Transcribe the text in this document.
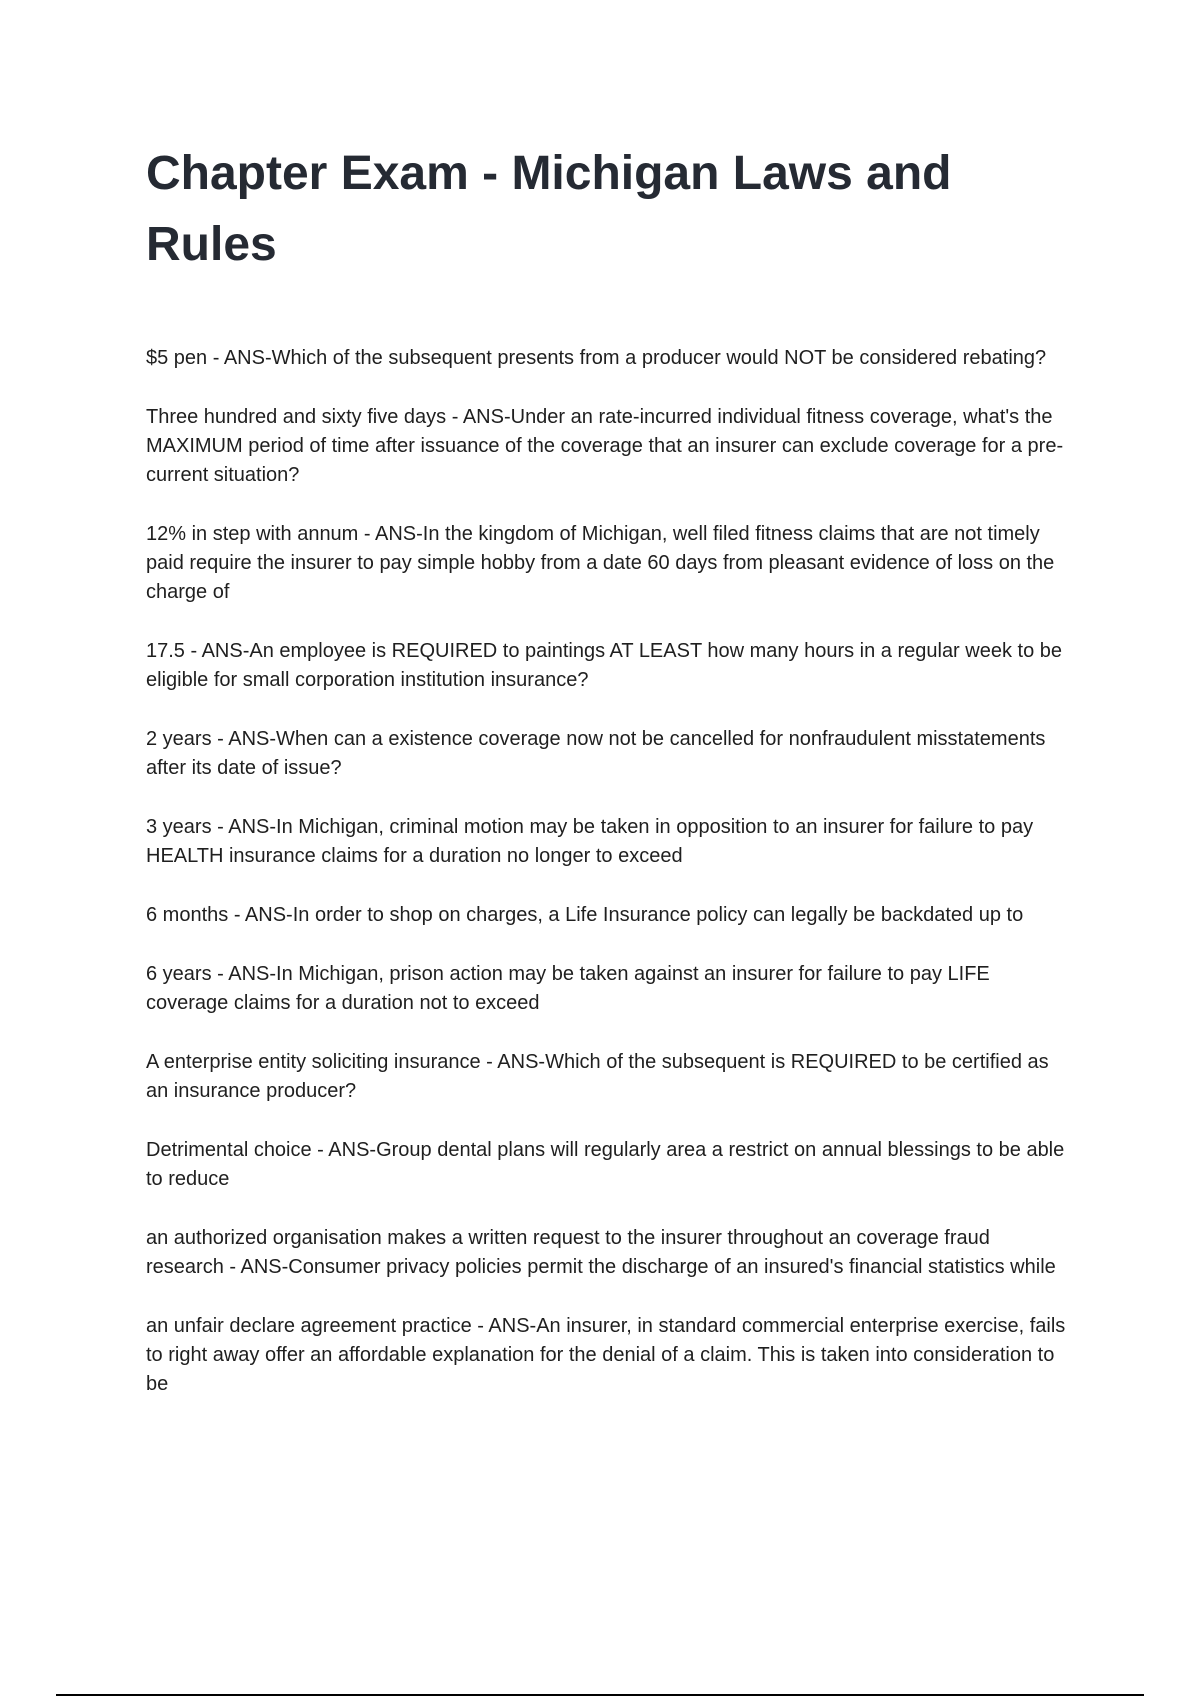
Chapter Exam - Michigan Laws and Rules

$5 pen - ANS-Which of the subsequent presents from a producer would NOT be considered rebating?

Three hundred and sixty five days - ANS-Under an rate-incurred individual fitness coverage, what's the MAXIMUM period of time after issuance of the coverage that an insurer can exclude coverage for a pre-current situation?

12% in step with annum - ANS-In the kingdom of Michigan, well filed fitness claims that are not timely paid require the insurer to pay simple hobby from a date 60 days from pleasant evidence of loss on the charge of

17.5 - ANS-An employee is REQUIRED to paintings AT LEAST how many hours in a regular week to be eligible for small corporation institution insurance?

2 years - ANS-When can a existence coverage now not be cancelled for nonfraudulent misstatements after its date of issue?

3 years - ANS-In Michigan, criminal motion may be taken in opposition to an insurer for failure to pay HEALTH insurance claims for a duration no longer to exceed

6 months - ANS-In order to shop on charges, a Life Insurance policy can legally be backdated up to

6 years - ANS-In Michigan, prison action may be taken against an insurer for failure to pay LIFE coverage claims for a duration not to exceed

A enterprise entity soliciting insurance - ANS-Which of the subsequent is REQUIRED to be certified as an insurance producer?

Detrimental choice - ANS-Group dental plans will regularly area a restrict on annual blessings to be able to reduce

an authorized organisation makes a written request to the insurer throughout an coverage fraud research - ANS-Consumer privacy policies permit the discharge of an insured's financial statistics while

an unfair declare agreement practice - ANS-An insurer, in standard commercial enterprise exercise, fails to right away offer an affordable explanation for the denial of a claim. This is taken into consideration to be
